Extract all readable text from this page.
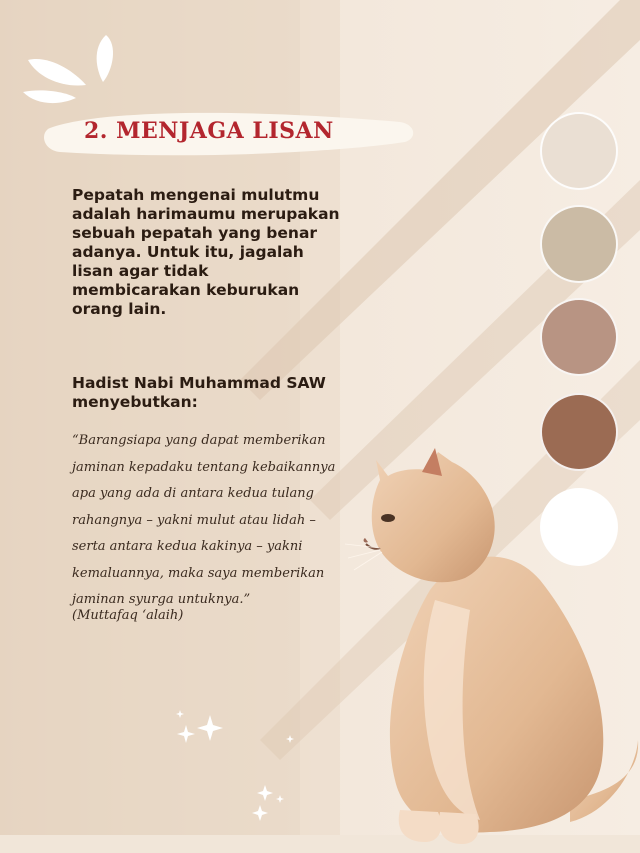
2. MENJAGA LISAN

Pepatah mengenai mulutmu adalah harimaumu merupakan sebuah pepatah yang benar adanya. Untuk itu, jagalah lisan agar tidak membicarakan keburukan orang lain.

Hadist Nabi Muhammad SAW menyebutkan:

“Barangsiapa yang dapat memberikan
jaminan kepadaku tentang kebaikannya
apa yang ada di antara kedua tulang
rahangnya – yakni mulut atau lidah –
serta antara kedua kakinya – yakni
kemaluannya, maka saya memberikan
jaminan syurga untuknya.”

(Muttafaq ‘alaih)
